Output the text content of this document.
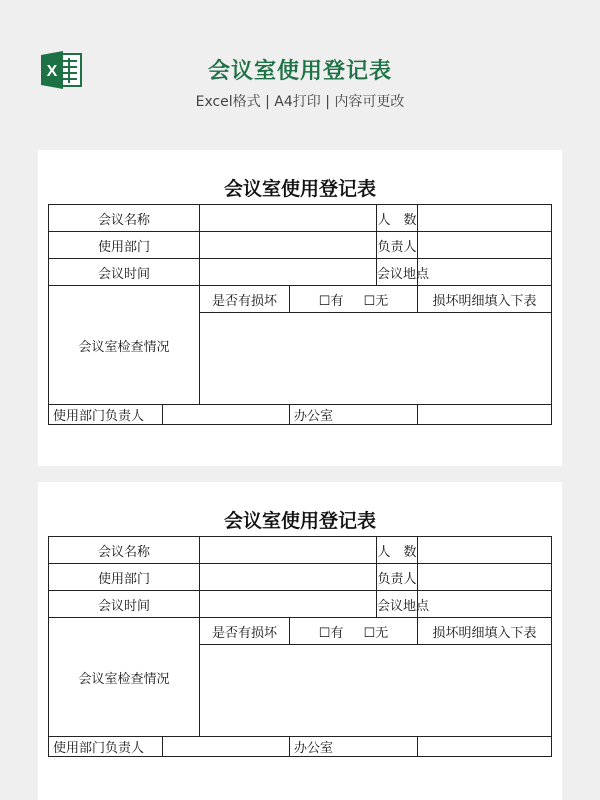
X	会议室使用登记表
Excel格式 | A4打印 | 内容可更改
会议室使用登记表
会议名称				人　数	
使用部门				负责人	
会议时间				会议地点	
会议室检查情况		是否有损坏	☐有 ☐无		损坏明细填入下表

使用部门负责人			办公室		
会议室使用登记表
会议名称				人　数	
使用部门				负责人	
会议时间				会议地点	
会议室检查情况		是否有损坏	☐有 ☐无		损坏明细填入下表

使用部门负责人			办公室		
